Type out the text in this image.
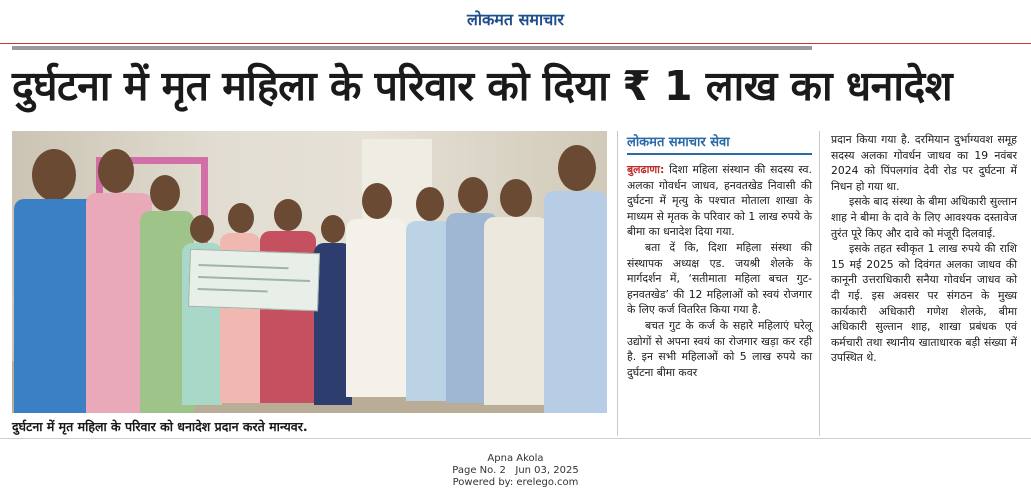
लोकमत समाचार
दुर्घटना में मृत महिला के परिवार को दिया ₹ 1 लाख का धनादेश
दुर्घटना में मृत महिला के परिवार को धनादेश प्रदान करते मान्यवर.
लोकमत समाचार सेवा

बुलढाणा: दिशा महिला संस्थान की सदस्य स्व. अलका गोवर्धन जाधव, हनवतखेड निवासी की दुर्घटना में मृत्यु के पश्चात मोताला शाखा के माध्यम से मृतक के परिवार को 1 लाख रुपये के बीमा का धनादेश दिया गया.

बता दें कि, दिशा महिला संस्था की संस्थापक अध्यक्ष एड. जयश्री शेलके के मार्गदर्शन में, ‘सतीमाता महिला बचत गुट- हनवतखेड’ की 12 महिलाओं को स्वयं रोजगार के लिए कर्ज वितरित किया गया है.

बचत गुट के कर्ज के सहारे महिलाएं घरेलू उद्योगों से अपना स्वयं का रोजगार खड़ा कर रही है. इन सभी महिलाओं को 5 लाख रुपये का दुर्घटना बीमा कवर

प्रदान किया गया है. दरमियान दुर्भाग्यवश समूह सदस्य अलका गोवर्धन जाधव का 19 नवंबर 2024 को पिंपलगांव देवी रोड पर दुर्घटना में निधन हो गया था.

इसके बाद संस्था के बीमा अधिकारी सुल्तान शाह ने बीमा के दावे के लिए आवश्यक दस्तावेज तुरंत पूरे किए और दावे को मंजूरी दिलवाई.

इसके तहत स्वीकृत 1 लाख रुपये की राशि 15 मई 2025 को दिवंगत अलका जाधव की कानूनी उत्तराधिकारी सनैया गोवर्धन जाधव को दी गई. इस अवसर पर संगठन के मुख्य कार्यकारी अधिकारी गणेश शेलके, बीमा अधिकारी सुल्तान शाह, शाखा प्रबंधक एवं कर्मचारी तथा स्थानीय खाताधारक बड़ी संख्या में उपस्थित थे.

Apna Akola
Page No. 2   Jun 03, 2025
Powered by: erelego.com
